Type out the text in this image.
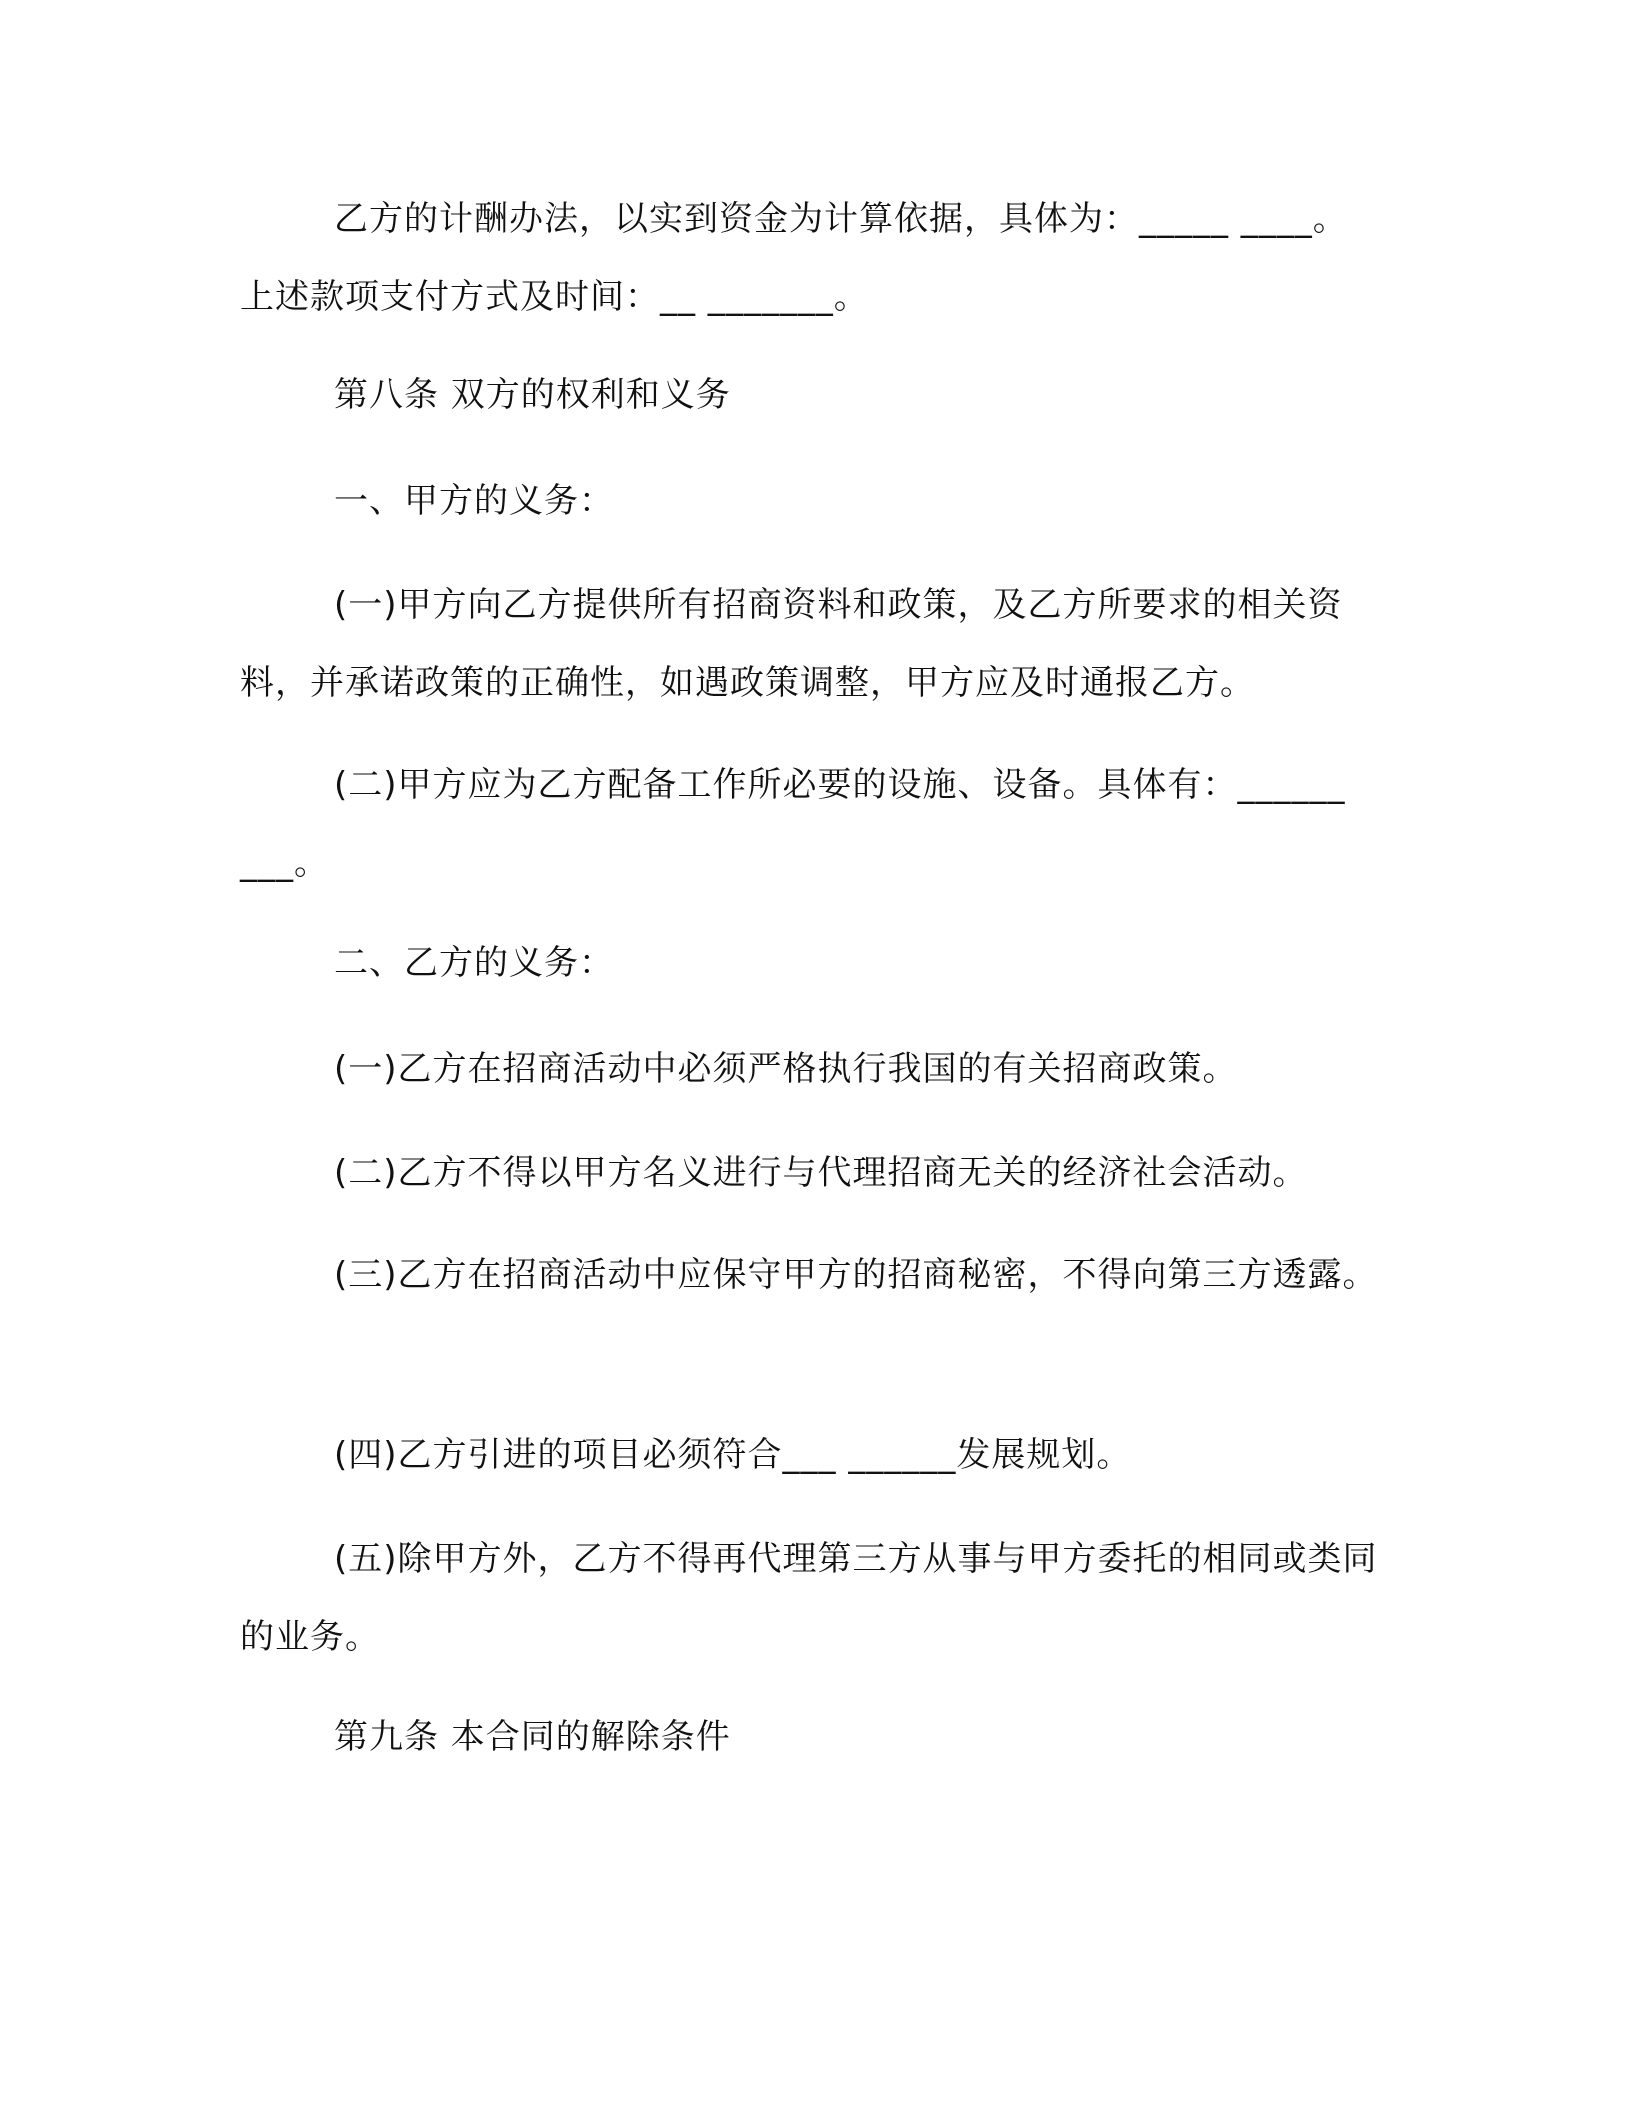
乙方的计酬办法，以实到资金为计算依据，具体为：_____ ____。上述款项支付方式及时间：__ _______。

第八条 双方的权利和义务

一、甲方的义务：

(一)甲方向乙方提供所有招商资料和政策，及乙方所要求的相关资料，并承诺政策的正确性，如遇政策调整，甲方应及时通报乙方。

(二)甲方应为乙方配备工作所必要的设施、设备。具体有：______ ___。

二、乙方的义务：

(一)乙方在招商活动中必须严格执行我国的有关招商政策。

(二)乙方不得以甲方名义进行与代理招商无关的经济社会活动。

(三)乙方在招商活动中应保守甲方的招商秘密，不得向第三方透露。

(四)乙方引进的项目必须符合___ ______发展规划。

(五)除甲方外，乙方不得再代理第三方从事与甲方委托的相同或类同的业务。

第九条 本合同的解除条件
